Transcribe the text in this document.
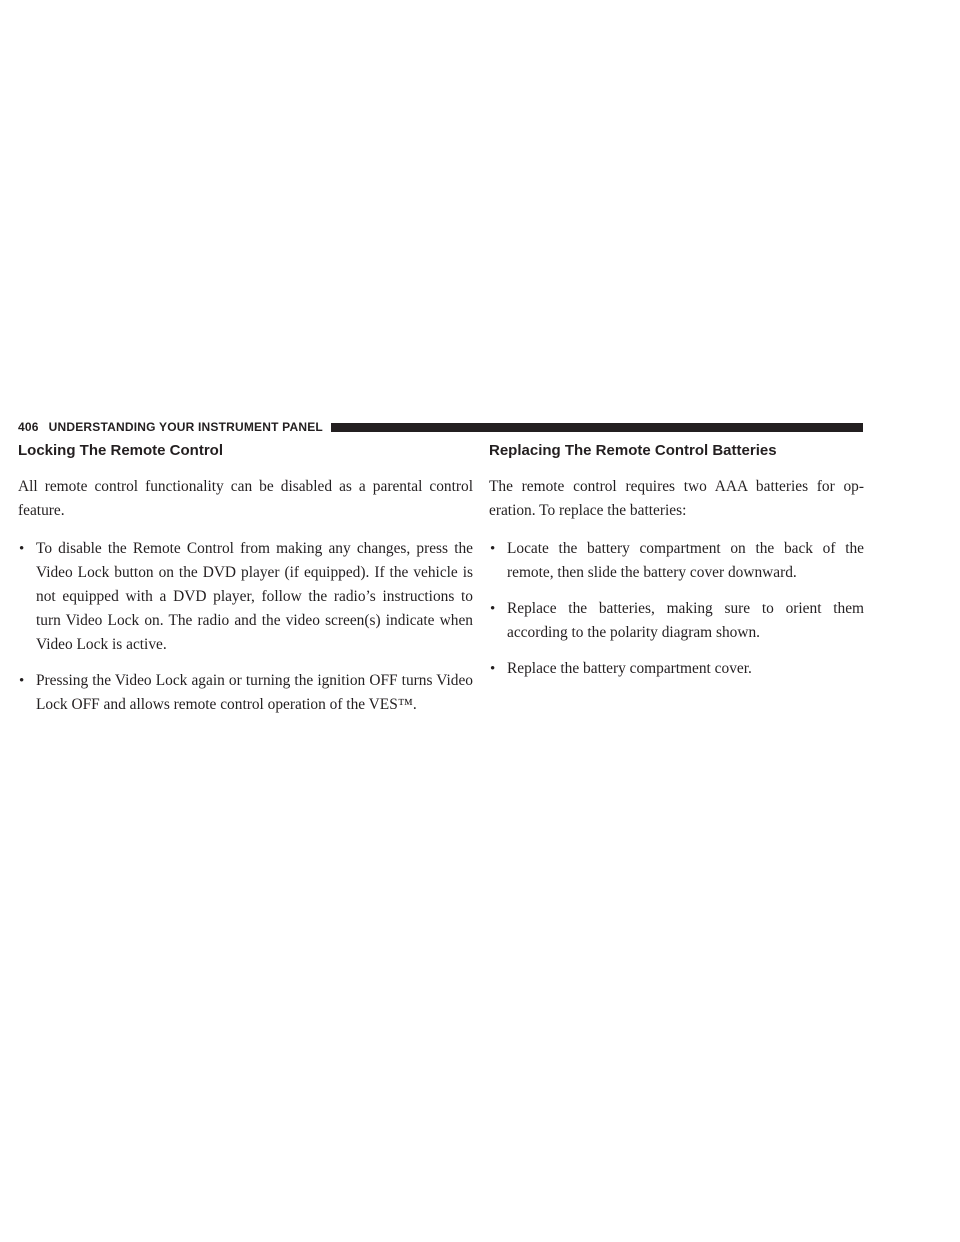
406 UNDERSTANDING YOUR INSTRUMENT PANEL
Locking The Remote Control

All remote control functionality can be disabled as a parental control feature.

• To disable the Remote Control from making any changes, press the Video Lock button on the DVD player (if equipped). If the vehicle is not equipped with a DVD player, follow the radio’s instructions to turn Video Lock on. The radio and the video screen(s) indicate when Video Lock is active.
• Pressing the Video Lock again or turning the ignition OFF turns Video Lock OFF and allows remote control operation of the VES™.
Replacing The Remote Control Batteries

The remote control requires two AAA batteries for op- eration. To replace the batteries:

• Locate the battery compartment on the back of the remote, then slide the battery cover downward.
• Replace the batteries, making sure to orient them according to the polarity diagram shown.
• Replace the battery compartment cover.
